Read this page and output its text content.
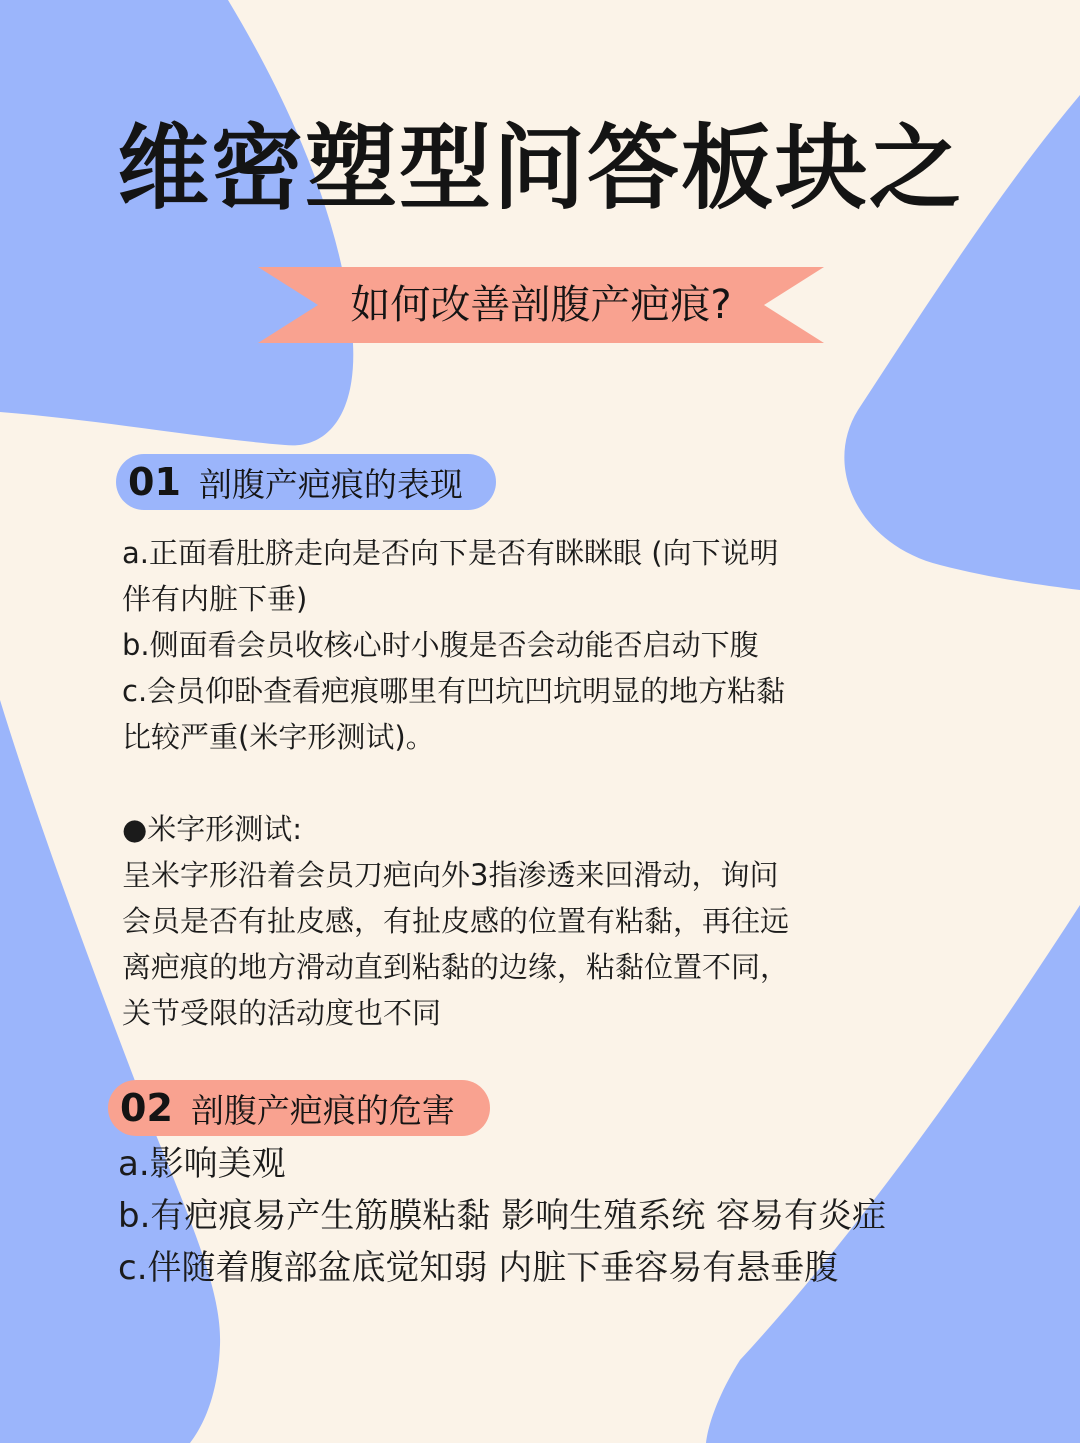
维密塑型问答板块之
如何改善剖腹产疤痕?
01 剖腹产疤痕的表现

a.正面看肚脐走向是否向下是否有眯眯眼 (向下说明

伴有内脏下垂)

b.侧面看会员收核心时小腹是否会动能否启动下腹

c.会员仰卧查看疤痕哪里有凹坑凹坑明显的地方粘黏

比较严重(米字形测试)。

●米字形测试:

呈米字形沿着会员刀疤向外3指渗透来回滑动，询问

会员是否有扯皮感，有扯皮感的位置有粘黏，再往远

离疤痕的地方滑动直到粘黏的边缘，粘黏位置不同，

关节受限的活动度也不同

02 剖腹产疤痕的危害

a.影响美观

b.有疤痕易产生筋膜粘黏 影响生殖系统 容易有炎症

c.伴随着腹部盆底觉知弱 内脏下垂容易有悬垂腹
